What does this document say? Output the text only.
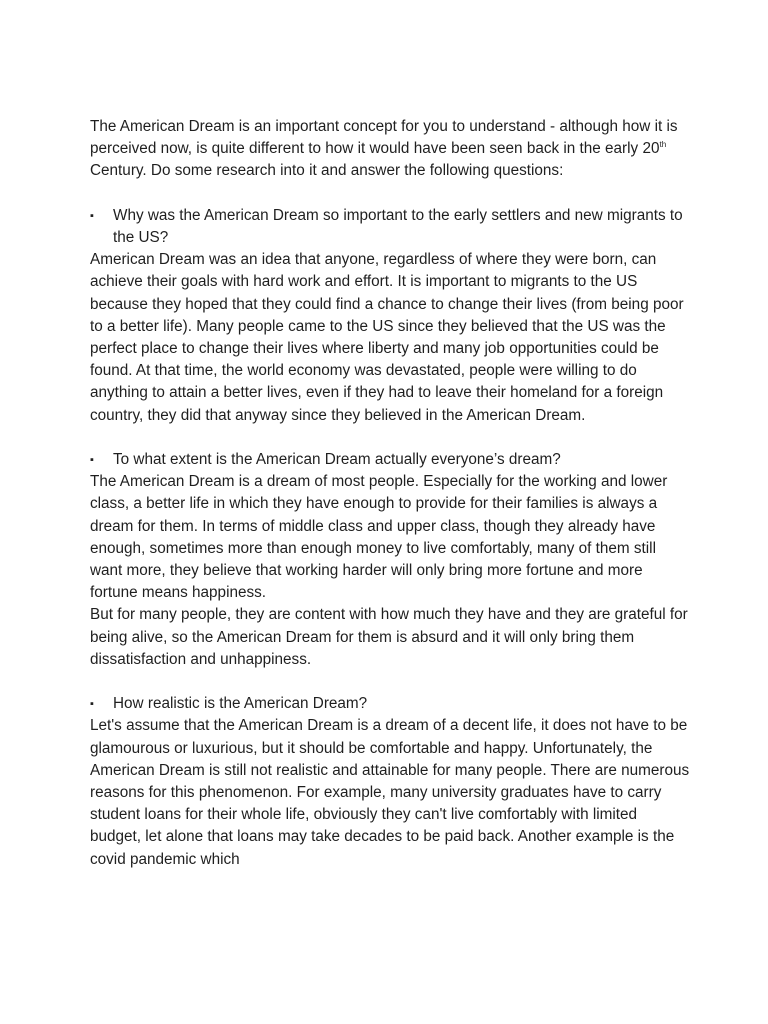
The American Dream is an important concept for you to understand - although how it is perceived now, is quite different to how it would have been seen back in the early 20th Century. Do some research into it and answer the following questions:

▪	Why was the American Dream so important to the early settlers and new migrants to the US?

American Dream was an idea that anyone, regardless of where they were born, can achieve their goals with hard work and effort. It is important to migrants to the US because they hoped that they could find a chance to change their lives (from being poor to a better life). Many people came to the US since they believed that the US was the perfect place to change their lives where liberty and many job opportunities could be found. At that time, the world economy was devastated, people were willing to do anything to attain a better lives, even if they had to leave their homeland for a foreign country, they did that anyway since they believed in the American Dream.

▪	To what extent is the American Dream actually everyone’s dream?

The American Dream is a dream of most people. Especially for the working and lower class, a better life in which they have enough to provide for their families is always a dream for them. In terms of middle class and upper class, though they already have enough, sometimes more than enough money to live comfortably, many of them still want more, they believe that working harder will only bring more fortune and more fortune means happiness.

But for many people, they are content with how much they have and they are grateful for being alive, so the American Dream for them is absurd and it will only bring them dissatisfaction and unhappiness.

▪	How realistic is the American Dream?

Let's assume that the American Dream is a dream of a decent life, it does not have to be glamourous or luxurious, but it should be comfortable and happy. Unfortunately, the American Dream is still not realistic and attainable for many people. There are numerous reasons for this phenomenon. For example, many university graduates have to carry student loans for their whole life, obviously they can't live comfortably with limited budget, let alone that loans may take decades to be paid back. Another example is the covid pandemic which
